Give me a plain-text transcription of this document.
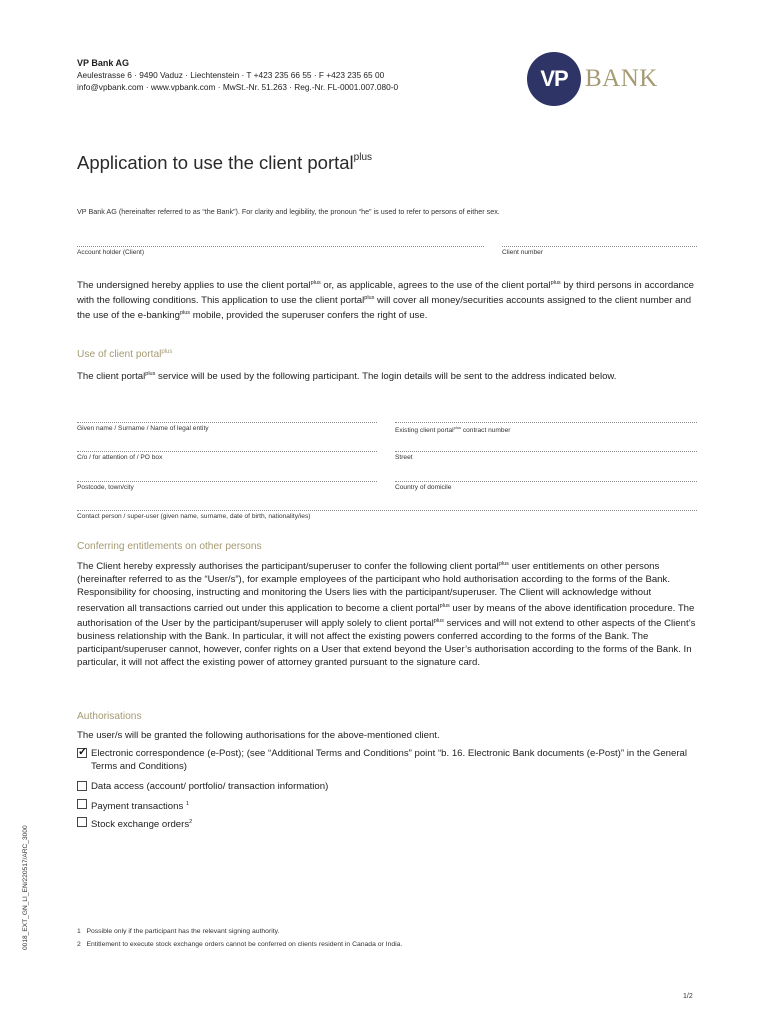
VP Bank AG
Aeulestrasse 6 · 9490 Vaduz · Liechtenstein · T +423 235 66 55 · F +423 235 65 00
info@vpbank.com · www.vpbank.com · MwSt.-Nr. 51.263 · Reg.-Nr. FL-0001.007.080-0	VP BANK
Application to use the client portal$^{plus}$
VP Bank AG (hereinafter referred to as “the Bank”). For clarity and legibility, the pronoun “he” is used to refer to persons of either sex.
Account holder (Client)	Client number
The undersigned hereby applies to use the client portal$^{plus}$ or, as applicable, agrees to the use of the client portal$^{plus}$ by third persons in accordance with the following conditions. This application to use the client portal$^{plus}$ will cover all money/securities accounts assigned to the client number and the use of the e-banking$^{plus}$ mobile, provided the superuser confers the right of use.
Use of client portal$^{plus}$
The client portal$^{plus}$ service will be used by the following participant. The login details will be sent to the address indicated below.
Given name / Surname / Name of legal entity	Existing client portal$^{plus}$ contract number
C/o / for attention of / PO box	Street
Postcode, town/city	Country of domicile
Contact person / super-user (given name, surname, date of birth, nationality/ies)
Conferring entitlements on other persons
The Client hereby expressly authorises the participant/superuser to confer the following client portal$^{plus}$ user entitlements on other persons (hereinafter referred to as the “User/s”), for example employees of the participant who hold authorisation according to the forms of the Bank. Responsibility for choosing, instructing and monitoring the Users lies with the participant/superuser. The Client will acknowledge without reservation all transactions carried out under this application to become a client portal$^{plus}$ user by means of the above identification procedure. The authorisation of the User by the participant/superuser will apply solely to client portal$^{plus}$ services and will not extend to other aspects of the Client’s business relationship with the Bank. In particular, it will not affect the existing powers conferred according to the forms of the Bank. The participant/superuser cannot, however, confer rights on a User that extend beyond the User’s authorisation according to the forms of the Bank. In particular, it will not affect the existing power of attorney granted pursuant to the signature card.
Authorisations
The user/s will be granted the following authorisations for the above-mentioned client.
✓
Electronic correspondence (e-Post); (see “Additional Terms and Conditions” point “b. 16. Electronic Bank documents (e-Post)” in the General Terms and Conditions)
Data access (account/ portfolio/ transaction information)
Payment transactions $^1$
Stock exchange orders$^2$
1 Possible only if the participant has the relevant signing authority.
2 Entitlement to execute stock exchange orders cannot be conferred on clients resident in Canada or India.
0018_EXT_GN_LI_EN/220517/ARC_3000
1/2
